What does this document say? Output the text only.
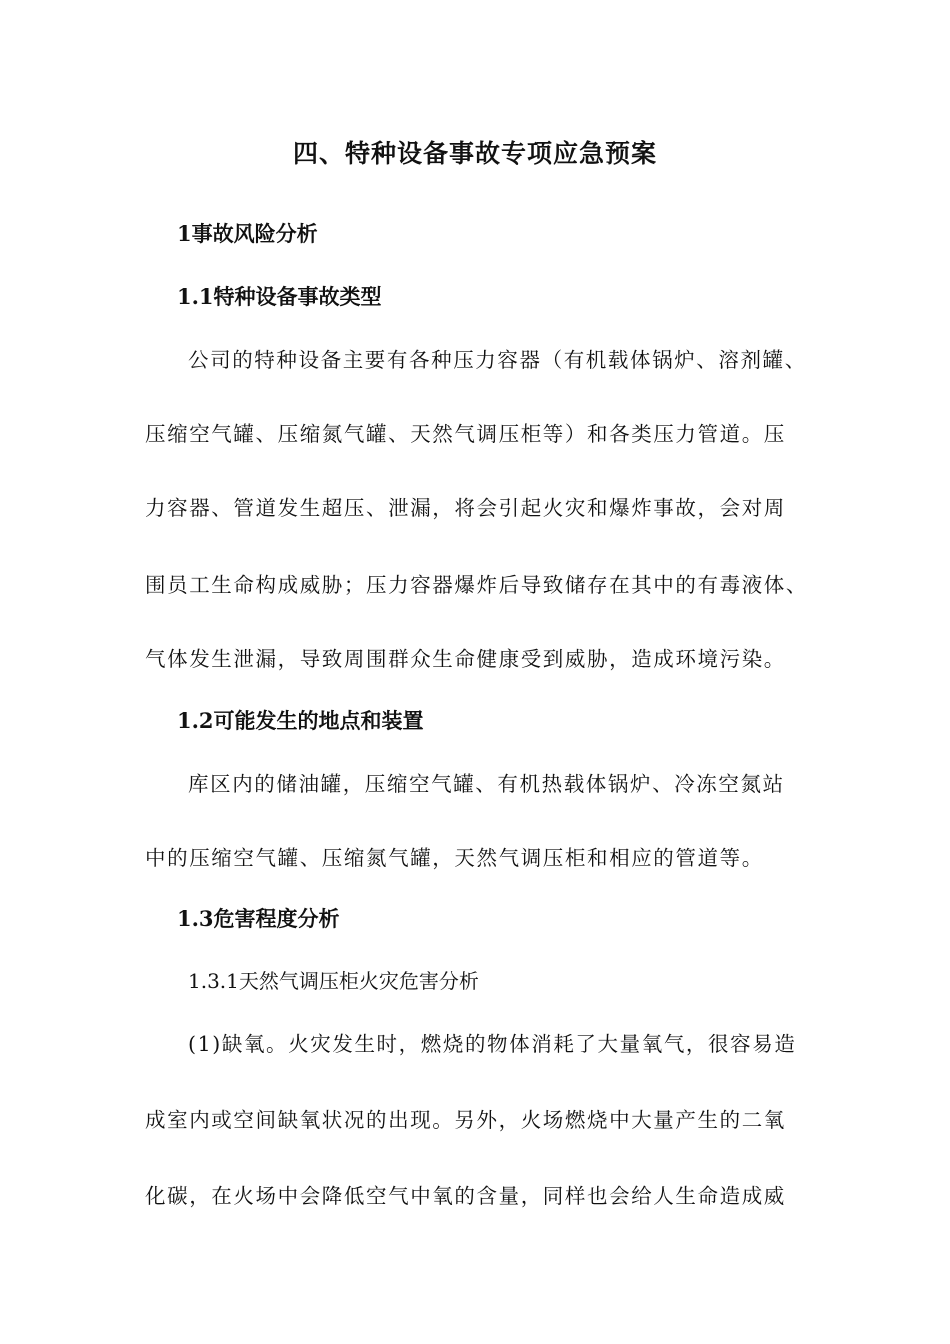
四、特种设备事故专项应急预案
1事故风险分析
1.1特种设备事故类型
公司的特种设备主要有各种压力容器（有机载体锅炉、溶剂罐、
压缩空气罐、压缩氮气罐、天然气调压柜等）和各类压力管道。压
力容器、管道发生超压、泄漏，将会引起火灾和爆炸事故，会对周
围员工生命构成威胁；压力容器爆炸后导致储存在其中的有毒液体、
气体发生泄漏，导致周围群众生命健康受到威胁，造成环境污染。
1.2可能发生的地点和装置
库区内的储油罐，压缩空气罐、有机热载体锅炉、冷冻空氮站
中的压缩空气罐、压缩氮气罐，天然气调压柜和相应的管道等。
1.3危害程度分析
1.3.1天然气调压柜火灾危害分析
(1)缺氧。火灾发生时，燃烧的物体消耗了大量氧气，很容易造
成室内或空间缺氧状况的出现。另外，火场燃烧中大量产生的二氧
化碳，在火场中会降低空气中氧的含量，同样也会给人生命造成威
